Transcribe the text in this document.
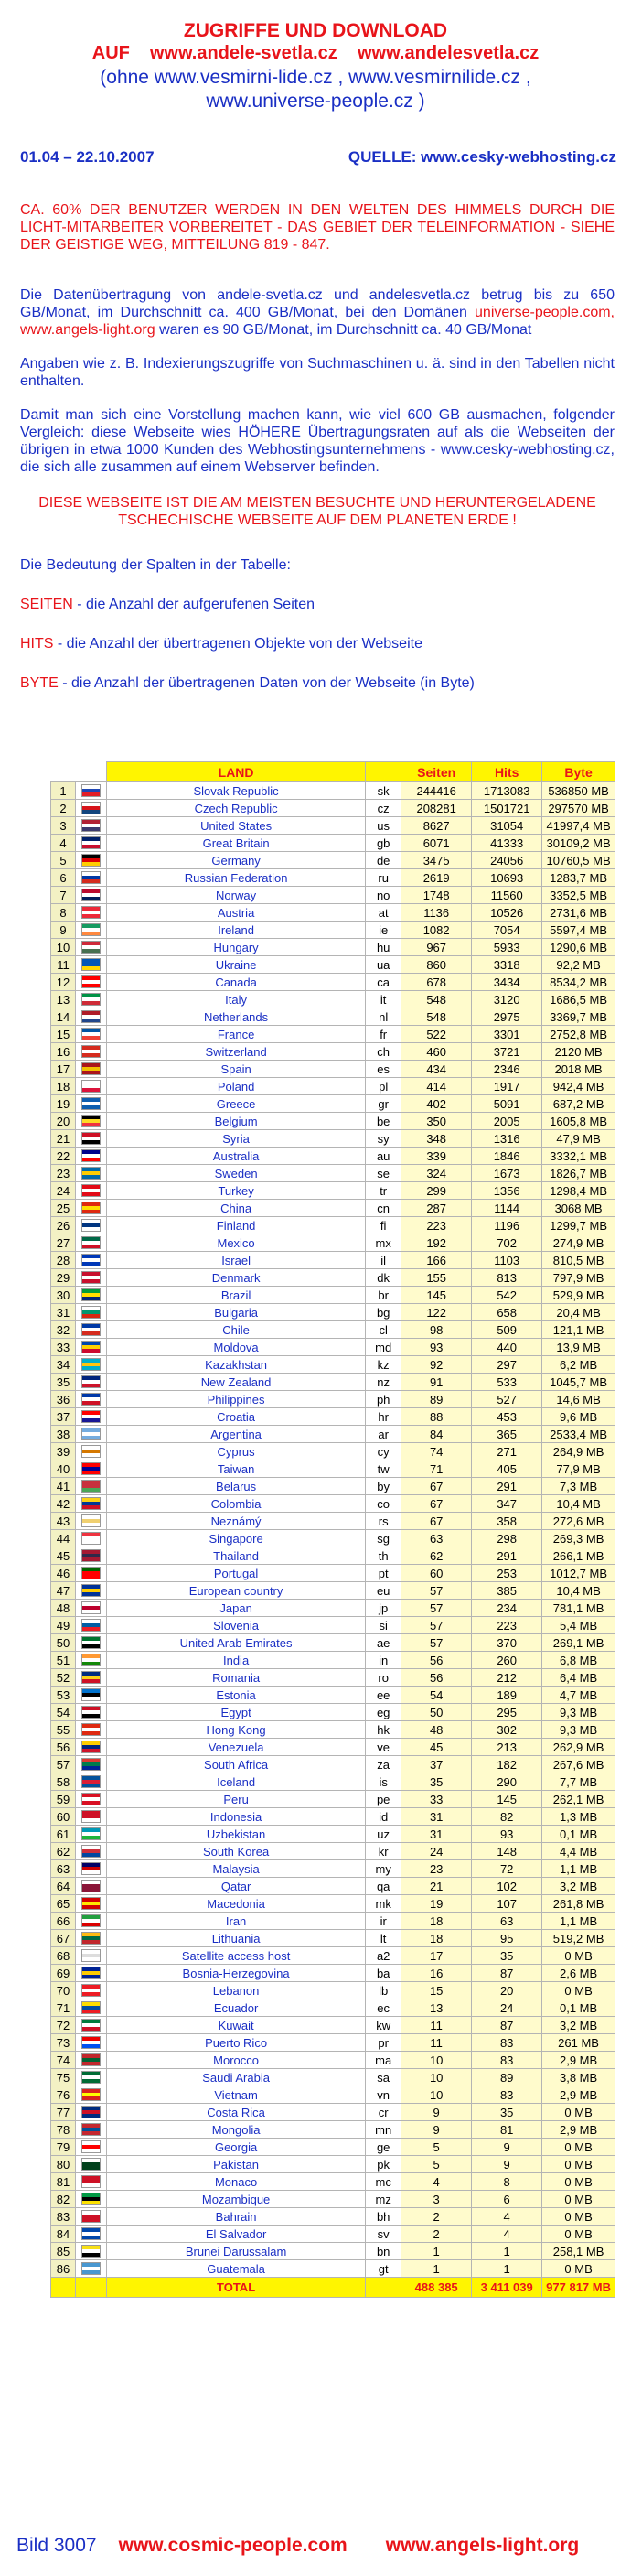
ZUGRIFFE UND DOWNLOAD
AUF www.andele-svetla.cz www.andelesvetla.cz
(ohne www.vesmirni-lide.cz , www.vesmirnilide.cz ,
www.universe-people.cz )
01.04 – 22.10.2007	QUELLE: www.cesky-webhosting.cz

CA. 60% DER BENUTZER WERDEN IN DEN WELTEN DES HIMMELS DURCH DIE LICHT-MITARBEITER VORBEREITET - DAS GEBIET DER TELEINFORMATION - SIEHE DER GEISTIGE WEG, MITTEILUNG 819 - 847.

Die Datenübertragung von andele-svetla.cz und andelesvetla.cz betrug bis zu 650 GB/Monat, im Durchschnitt ca. 400 GB/Monat, bei den Domänen universe-people.com, www.angels-light.org waren es 90 GB/Monat, im Durchschnitt ca. 40 GB/Monat

Angaben wie z. B. Indexierungszugriffe von Suchmaschinen u. ä. sind in den Tabellen nicht enthalten.

Damit man sich eine Vorstellung machen kann, wie viel 600 GB ausmachen, folgender Vergleich: diese Webseite wies HÖHERE Übertragungsraten auf als die Webseiten der übrigen in etwa 1000 Kunden des Webhostingsunternehmens - www.cesky-webhosting.cz, die sich alle zusammen auf einem Webserver befinden.

DIESE WEBSEITE IST DIE AM MEISTEN BESUCHTE UND HERUNTERGELADENE
TSCHECHISCHE WEBSEITE AUF DEM PLANETEN ERDE !

Die Bedeutung der Spalten in der Tabelle:

SEITEN - die Anzahl der aufgerufenen Seiten

HITS - die Anzahl der übertragenen Objekte von der Webseite

BYTE - die Anzahl der übertragenen Daten von der Webseite (in Byte)

		LAND		Seiten	Hits	Byte
1		Slovak Republic	sk	244416	1713083	536850 MB
2		Czech Republic	cz	208281	1501721	297570 MB
3		United States	us	8627	31054	41997,4 MB
4		Great Britain	gb	6071	41333	30109,2 MB
5		Germany	de	3475	24056	10760,5 MB
6		Russian Federation	ru	2619	10693	1283,7 MB
7		Norway	no	1748	11560	3352,5 MB
8		Austria	at	1136	10526	2731,6 MB
9		Ireland	ie	1082	7054	5597,4 MB
10		Hungary	hu	967	5933	1290,6 MB
11		Ukraine	ua	860	3318	92,2 MB
12		Canada	ca	678	3434	8534,2 MB
13		Italy	it	548	3120	1686,5 MB
14		Netherlands	nl	548	2975	3369,7 MB
15		France	fr	522	3301	2752,8 MB
16		Switzerland	ch	460	3721	2120 MB
17		Spain	es	434	2346	2018 MB
18		Poland	pl	414	1917	942,4 MB
19		Greece	gr	402	5091	687,2 MB
20		Belgium	be	350	2005	1605,8 MB
21		Syria	sy	348	1316	47,9 MB
22		Australia	au	339	1846	3332,1 MB
23		Sweden	se	324	1673	1826,7 MB
24		Turkey	tr	299	1356	1298,4 MB
25		China	cn	287	1144	3068 MB
26		Finland	fi	223	1196	1299,7 MB
27		Mexico	mx	192	702	274,9 MB
28		Israel	il	166	1103	810,5 MB
29		Denmark	dk	155	813	797,9 MB
30		Brazil	br	145	542	529,9 MB
31		Bulgaria	bg	122	658	20,4 MB
32		Chile	cl	98	509	121,1 MB
33		Moldova	md	93	440	13,9 MB
34		Kazakhstan	kz	92	297	6,2 MB
35		New Zealand	nz	91	533	1045,7 MB
36		Philippines	ph	89	527	14,6 MB
37		Croatia	hr	88	453	9,6 MB
38		Argentina	ar	84	365	2533,4 MB
39		Cyprus	cy	74	271	264,9 MB
40		Taiwan	tw	71	405	77,9 MB
41		Belarus	by	67	291	7,3 MB
42		Colombia	co	67	347	10,4 MB
43		Neznámý	rs	67	358	272,6 MB
44		Singapore	sg	63	298	269,3 MB
45		Thailand	th	62	291	266,1 MB
46		Portugal	pt	60	253	1012,7 MB
47		European country	eu	57	385	10,4 MB
48		Japan	jp	57	234	781,1 MB
49		Slovenia	si	57	223	5,4 MB
50		United Arab Emirates	ae	57	370	269,1 MB
51		India	in	56	260	6,8 MB
52		Romania	ro	56	212	6,4 MB
53		Estonia	ee	54	189	4,7 MB
54		Egypt	eg	50	295	9,3 MB
55		Hong Kong	hk	48	302	9,3 MB
56		Venezuela	ve	45	213	262,9 MB
57		South Africa	za	37	182	267,6 MB
58		Iceland	is	35	290	7,7 MB
59		Peru	pe	33	145	262,1 MB
60		Indonesia	id	31	82	1,3 MB
61		Uzbekistan	uz	31	93	0,1 MB
62		South Korea	kr	24	148	4,4 MB
63		Malaysia	my	23	72	1,1 MB
64		Qatar	qa	21	102	3,2 MB
65		Macedonia	mk	19	107	261,8 MB
66		Iran	ir	18	63	1,1 MB
67		Lithuania	lt	18	95	519,2 MB
68		Satellite access host	a2	17	35	0 MB
69		Bosnia-Herzegovina	ba	16	87	2,6 MB
70		Lebanon	lb	15	20	0 MB
71		Ecuador	ec	13	24	0,1 MB
72		Kuwait	kw	11	87	3,2 MB
73		Puerto Rico	pr	11	83	261 MB
74		Morocco	ma	10	83	2,9 MB
75		Saudi Arabia	sa	10	89	3,8 MB
76		Vietnam	vn	10	83	2,9 MB
77		Costa Rica	cr	9	35	0 MB
78		Mongolia	mn	9	81	2,9 MB
79		Georgia	ge	5	9	0 MB
80		Pakistan	pk	5	9	0 MB
81		Monaco	mc	4	8	0 MB
82		Mozambique	mz	3	6	0 MB
83		Bahrain	bh	2	4	0 MB
84		El Salvador	sv	2	4	0 MB
85		Brunei Darussalam	bn	1	1	258,1 MB
86		Guatemala	gt	1	1	0 MB
		TOTAL		488 385	3 411 039	977 817 MB
Bild 3007 www.cosmic-people.com www.angels-light.org
